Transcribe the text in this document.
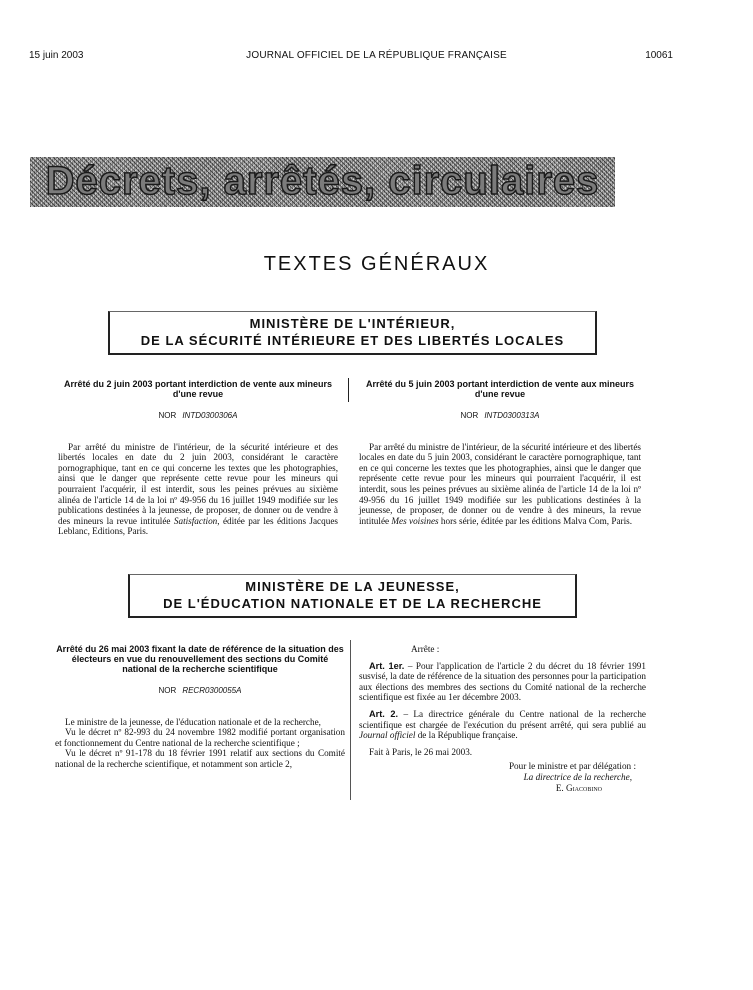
15 juin 2003	JOURNAL OFFICIEL DE LA RÉPUBLIQUE FRANÇAISE	10061
Décrets, arrêtés, circulaires
TEXTES GÉNÉRAUX
MINISTÈRE DE L'INTÉRIEUR,
DE LA SÉCURITÉ INTÉRIEURE ET DES LIBERTÉS LOCALES
Arrêté du 2 juin 2003 portant interdiction de vente aux mineurs d'une revue
NOR INTD0300306A

Par arrêté du ministre de l'intérieur, de la sécurité intérieure et des libertés locales en date du 2 juin 2003, considérant le caractère pornographique, tant en ce qui concerne les textes que les photographies, ainsi que le danger que représente cette revue pour les mineurs qui pourraient l'acquérir, il est interdit, sous les peines prévues au sixième alinéa de l'article 14 de la loi nº 49-956 du 16 juillet 1949 modifiée sur les publications destinées à la jeunesse, de proposer, de donner ou de vendre à des mineurs la revue intitulée Satisfaction, éditée par les éditions Jacques Leblanc, Editions, Paris.

Arrêté du 5 juin 2003 portant interdiction de vente aux mineurs d'une revue
NOR INTD0300313A

Par arrêté du ministre de l'intérieur, de la sécurité intérieure et des libertés locales en date du 5 juin 2003, considérant le caractère pornographique, tant en ce qui concerne les textes que les photographies, ainsi que le danger que représente cette revue pour les mineurs qui pourraient l'acquérir, il est interdit, sous les peines prévues au sixième alinéa de l'article 14 de la loi nº 49-956 du 16 juillet 1949 modifiée sur les publications destinées à la jeunesse, de proposer, de donner ou de vendre à des mineurs, la revue intitulée Mes voisines hors série, éditée par les éditions Malva Com, Paris.

MINISTÈRE DE LA JEUNESSE,
DE L'ÉDUCATION NATIONALE ET DE LA RECHERCHE
Arrêté du 26 mai 2003 fixant la date de référence de la situation des électeurs en vue du renouvellement des sections du Comité national de la recherche scientifique
NOR RECR0300055A

Le ministre de la jeunesse, de l'éducation nationale et de la recherche,

Vu le décret nº 82-993 du 24 novembre 1982 modifié portant organisation et fonctionnement du Centre national de la recherche scientifique ;

Vu le décret nº 91-178 du 18 février 1991 relatif aux sections du Comité national de la recherche scientifique, et notamment son article 2,

Arrête :

Art. 1er. – Pour l'application de l'article 2 du décret du 18 février 1991 susvisé, la date de référence de la situation des personnes pour la participation aux élections des membres des sections du Comité national de la recherche scientifique est fixée au 1er décembre 2003.

Art. 2. – La directrice générale du Centre national de la recherche scientifique est chargée de l'exécution du présent arrêté, qui sera publié au Journal officiel de la République française.

Fait à Paris, le 26 mai 2003.

Pour le ministre et par délégation :

La directrice de la recherche,

E. Giacobino
